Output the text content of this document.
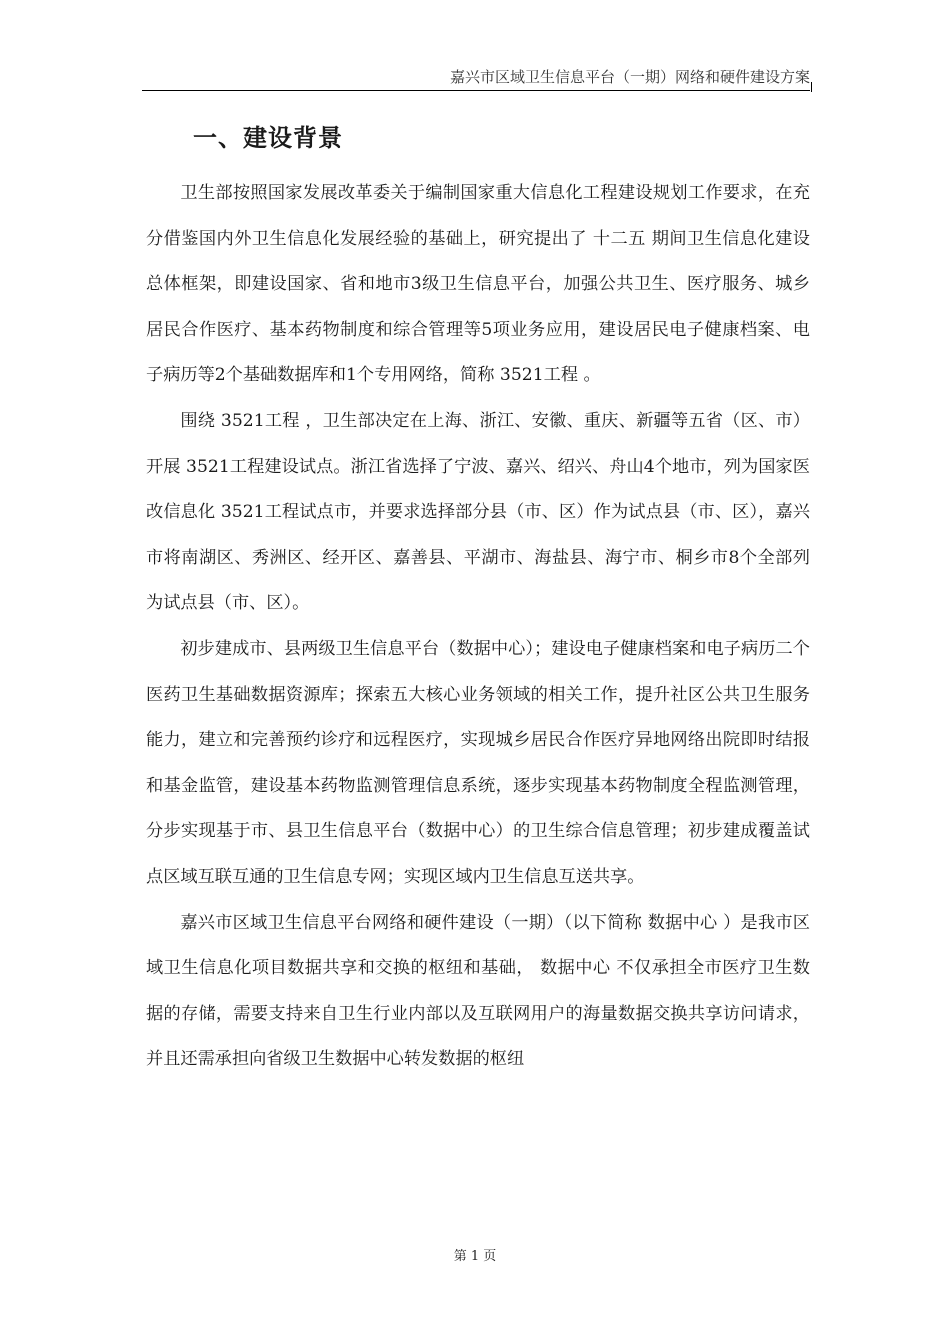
嘉兴市区域卫生信息平台（一期）网络和硬件建设方案
一、建设背景

卫生部按照国家发展改革委关于编制国家重大信息化工程建设规划工作要求，在充分借鉴国内外卫生信息化发展经验的基础上，研究提出了 十二五 期间卫生信息化建设总体框架，即建设国家、省和地市3级卫生信息平台，加强公共卫生、医疗服务、城乡居民合作医疗、基本药物制度和综合管理等5项业务应用，建设居民电子健康档案、电子病历等2个基础数据库和1个专用网络，简称 3521工程 。

围绕 3521工程 ，卫生部决定在上海、浙江、安徽、重庆、新疆等五省（区、市）开展 3521工程建设试点。浙江省选择了宁波、嘉兴、绍兴、舟山4个地市，列为国家医改信息化 3521工程试点市，并要求选择部分县（市、区）作为试点县（市、区），嘉兴市将南湖区、秀洲区、经开区、嘉善县、平湖市、海盐县、海宁市、桐乡市8个全部列为试点县（市、区）。

初步建成市、县两级卫生信息平台（数据中心）；建设电子健康档案和电子病历二个医药卫生基础数据资源库；探索五大核心业务领域的相关工作，提升社区公共卫生服务能力，建立和完善预约诊疗和远程医疗，实现城乡居民合作医疗异地网络出院即时结报和基金监管，建设基本药物监测管理信息系统，逐步实现基本药物制度全程监测管理，分步实现基于市、县卫生信息平台（数据中心）的卫生综合信息管理；初步建成覆盖试点区域互联互通的卫生信息专网；实现区域内卫生信息互送共享。

嘉兴市区域卫生信息平台网络和硬件建设（一期）（以下简称 数据中心 ）是我市区域卫生信息化项目数据共享和交换的枢纽和基础， 数据中心 不仅承担全市医疗卫生数据的存储，需要支持来自卫生行业内部以及互联网用户的海量数据交换共享访问请求，并且还需承担向省级卫生数据中心转发数据的枢纽

第 1 页
